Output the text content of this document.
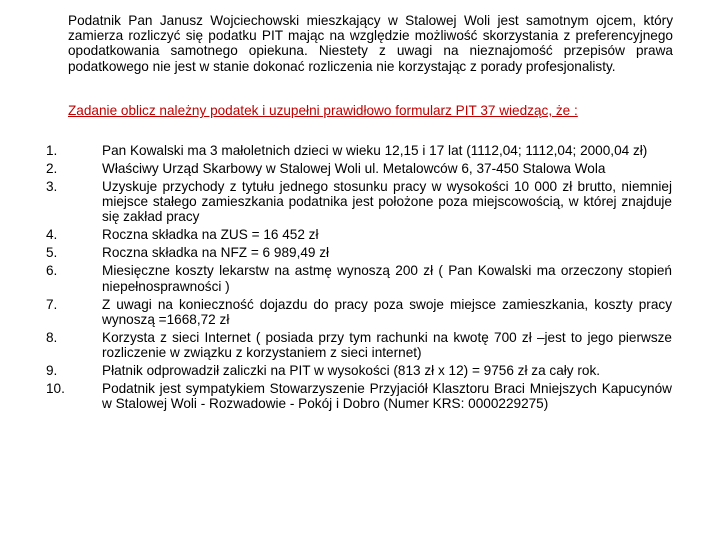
Podatnik Pan Janusz Wojciechowski mieszkający w Stalowej Woli jest samotnym ojcem, który zamierza rozliczyć się podatku PIT mając na względzie możliwość skorzystania z preferencyjnego opodatkowania samotnego opiekuna. Niestety z uwagi na nieznajomość przepisów prawa podatkowego nie jest w stanie dokonać rozliczenia nie korzystając z porady profesjonalisty.

Zadanie oblicz należny podatek i uzupełni prawidłowo formularz PIT 37 wiedząc, że :

1.	Pan Kowalski ma 3 małoletnich dzieci w wieku 12,15 i 17 lat (1112,04; 1112,04; 2000,04 zł)
2.	Właściwy Urząd Skarbowy w Stalowej Woli ul. Metalowców 6, 37-450 Stalowa Wola
3.	Uzyskuje przychody z tytułu jednego stosunku pracy w wysokości 10 000 zł brutto, niemniej miejsce stałego zamieszkania podatnika jest położone poza miejscowością, w której znajduje się zakład pracy
4.	Roczna składka na ZUS = 16 452 zł
5.	Roczna składka na NFZ = 6 989,49 zł
6.	Miesięczne koszty lekarstw na astmę wynoszą 200 zł ( Pan Kowalski ma orzeczony stopień niepełnosprawności )
7.	Z uwagi na konieczność dojazdu do pracy poza swoje miejsce zamieszkania, koszty pracy wynoszą =1668,72 zł
8.	Korzysta z sieci Internet ( posiada przy tym rachunki na kwotę 700 zł –jest to jego pierwsze rozliczenie w związku z korzystaniem z sieci internet)
9.	Płatnik odprowadził zaliczki na PIT w wysokości (813 zł x 12) = 9756 zł za cały rok.
10.	Podatnik jest sympatykiem Stowarzyszenie Przyjaciół Klasztoru Braci Mniejszych Kapucynów w Stalowej Woli - Rozwadowie - Pokój i Dobro (Numer KRS: 0000229275)
